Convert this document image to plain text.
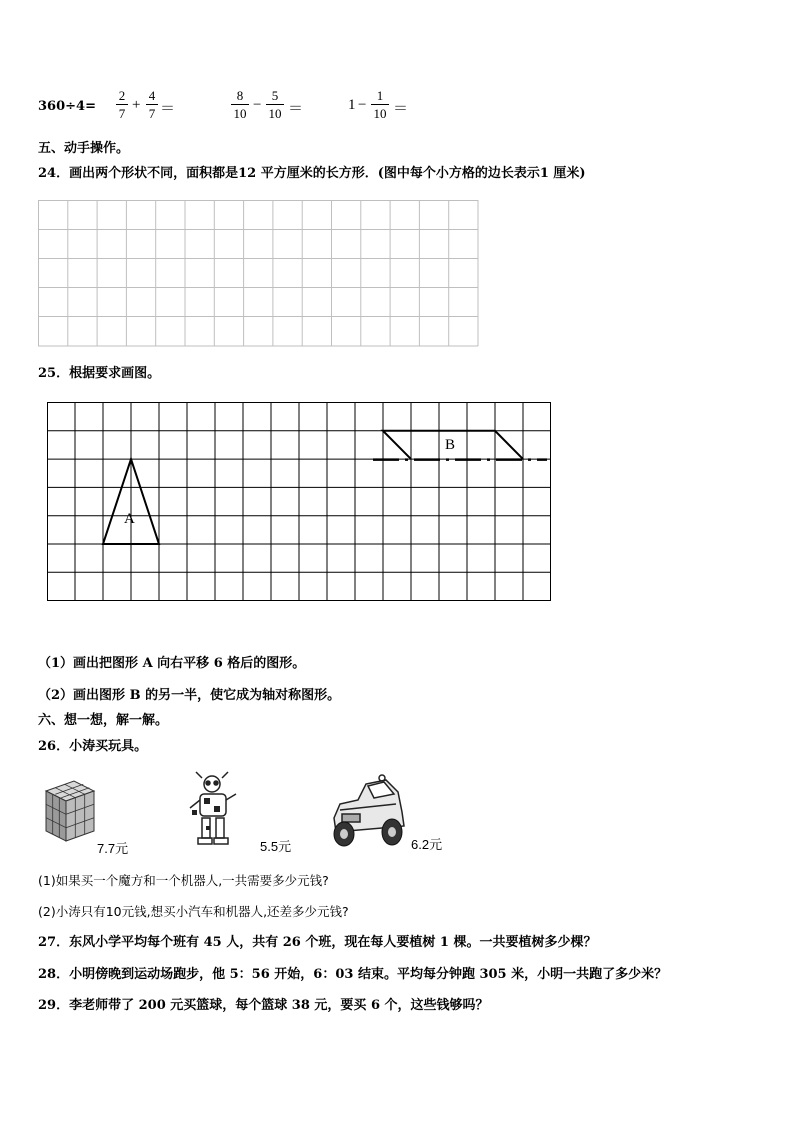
360÷4=
2
7
+
4
7 ＝
8
10
−
5
10 ＝	1 −
1
10 ＝
五、动手操作。
24．画出两个形状不同，面积都是12 平方厘米的长方形．(图中每个小方格的边长表示1 厘米)
25．根据要求画图。
A
B
（1）画出把图形 A 向右平移 6 格后的图形。
（2）画出图形 B 的另一半，使它成为轴对称图形。
六、想一想，解一解。
26．小涛买玩具。
7.7元	5.5元	6.2元
(1)如果买一个魔方和一个机器人,一共需要多少元钱?
(2)小涛只有10元钱,想买小汽车和机器人,还差多少元钱?
27．东风小学平均每个班有 45 人，共有 26 个班，现在每人要植树 1 棵。一共要植树多少棵？
28．小明傍晚到运动场跑步，他 5：56 开始，6：03 结束。平均每分钟跑 305 米，小明一共跑了多少米？
29．李老师带了 200 元买篮球，每个篮球 38 元，要买 6 个，这些钱够吗？
